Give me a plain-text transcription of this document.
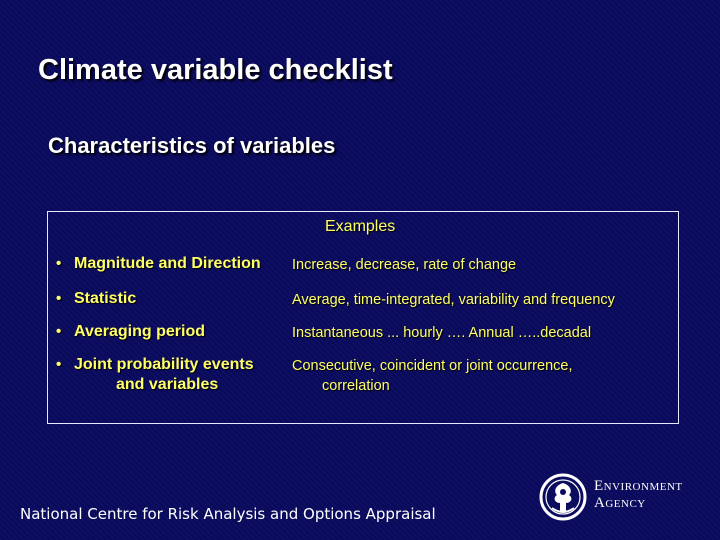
Climate variable checklist
Characteristics of variables
Examples
• Magnitude and Direction Increase, decrease, rate of change
• Statistic	Average, time-integrated, variability and frequency
• Averaging period	Instantaneous ... hourly …. Annual …..decadal
• Joint probability events
and variables
Consecutive, coincident or joint occurrence,
correlation
National Centre for Risk Analysis and Options Appraisal
Environment
Agency
